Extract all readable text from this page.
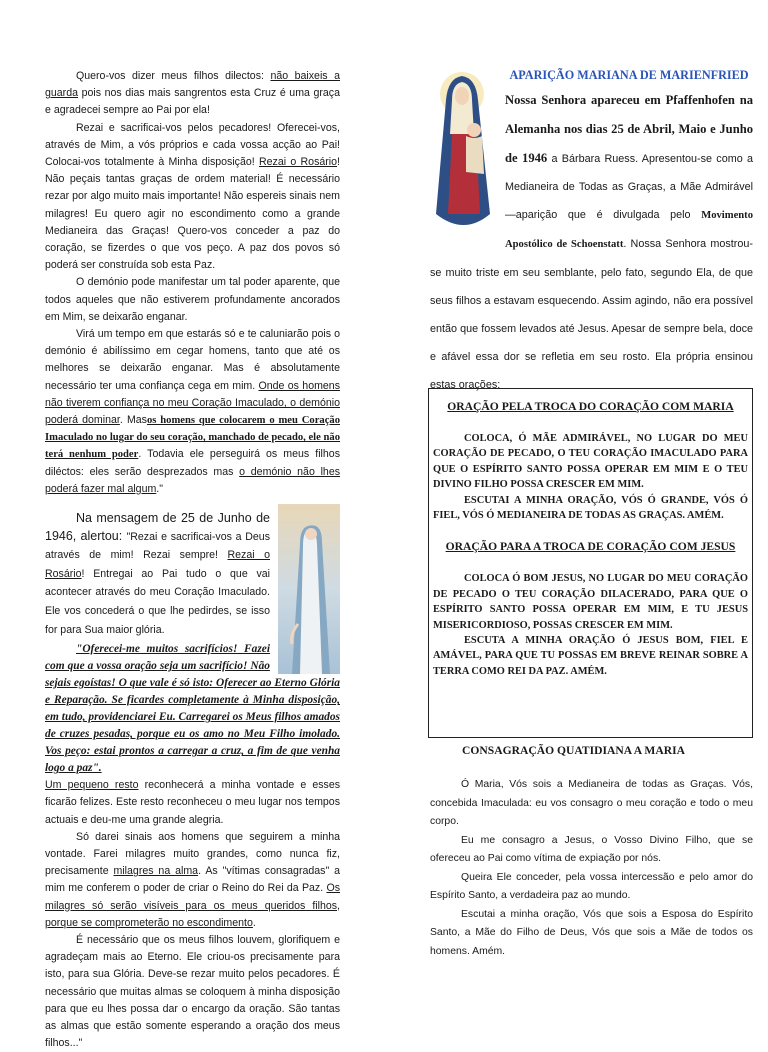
Quero-vos dizer meus filhos dilectos: não baixeis a guarda pois nos dias mais sangrentos esta Cruz é uma graça e agradecei sempre ao Pai por ela!

Rezai e sacrificai-vos pelos pecadores! Oferecei-vos, através de Mim, a vós próprios e cada vossa acção ao Pai! Colocai-vos totalmente à Minha disposição! Rezai o Rosário! Não peçais tantas graças de ordem material! É necessário rezar por algo muito mais importante! Não espereis sinais nem milagres! Eu quero agir no escondimento como a grande Medianeira das Graças! Quero-vos conceder a paz do coração, se fizerdes o que vos peço. A paz dos povos só poderá ser construída sob esta Paz.

O demónio pode manifestar um tal poder aparente, que todos aqueles que não estiverem profundamente ancorados em Mim, se deixarão enganar.

Virá um tempo em que estarás só e te caluniarão pois o demónio é abilíssimo em cegar homens, tanto que até os melhores se deixarão enganar. Mas é absolutamente necessário ter uma confiança cega em mim. Onde os homens não tiverem confiança no meu Coração Imaculado, o demónio poderá dominar. Masos homens que colocarem o meu Coração Imaculado no lugar do seu coração, manchado de pecado, ele não terá nenhum poder. Todavia ele perseguirá os meus filhos diléctos: eles serão desprezados mas o demónio não lhes poderá fazer mal algum."

Na mensagem de 25 de Junho de 1946, alertou: "Rezai e sacrificai-vos a Deus através de mim! Rezai sempre! Rezai o Rosário! Entregai ao Pai tudo o que vai acontecer através do meu Coração Imaculado. Ele vos concederá o que lhe pedirdes, se isso for para Sua maior glória.

"Oferecei-me muitos sacrifícios! Fazei com que a vossa oração seja um sacrifício! Não sejais egoístas! O que vale é só isto: Oferecer ao Eterno Glória e Reparação. Se ficardes completamente à Minha disposição, em tudo, providenciarei Eu. Carregarei os Meus filhos amados de cruzes pesadas, porque eu os amo no Meu Filho imolado. Vos peço: estai prontos a carregar a cruz, a fim de que venha logo a paz".

Um pequeno resto reconhecerá a minha vontade e esses ficarão felizes. Este resto reconheceu o meu lugar nos tempos actuais e deu-me uma grande alegria.

Só darei sinais aos homens que seguirem a minha vontade. Farei milagres muito grandes, como nunca fiz, precisamente milagres na alma. As "vítimas consagradas" a mim me conferem o poder de criar o Reino do Rei da Paz. Os milagres só serão visíveis para os meus queridos filhos, porque se comprometerão no escondimento.

É necessário que os meus filhos louvem, glorifiquem e agradeçam mais ao Eterno. Ele criou-os precisamente para isto, para sua Glória. Deve-se rezar muito pelos pecadores. É necessário que muitas almas se coloquem à minha disposição para que eu lhes possa dar o encargo da oração. São tantas as almas que estão somente esperando a oração dos meus filhos..."

APARIÇÃO MARIANA DE MARIENFRIED
Nossa Senhora apareceu em Pfaffenhofen na Alemanha nos dias 25 de Abril, Maio e Junho de 1946 a Bárbara Ruess. Apresentou-se como a Medianeira de Todas as Graças, a Mãe Admirável—aparição que é divulgada pelo Movimento Apostólico de Schoenstatt. Nossa Senhora mostrou-se muito triste em seu semblante, pelo fato, segundo Ela, de que seus filhos a estavam esquecendo. Assim agindo, não era possível então que fossem levados até Jesus. Apesar de sempre bela, doce e afável essa dor se refletia em seu rosto. Ela própria ensinou estas orações:
ORAÇÃO PELA TROCA DO CORAÇÃO COM MARIA

COLOCA, Ó MÃE ADMIRÁVEL, NO LUGAR DO MEU CORAÇÃO DE PECADO, O TEU CORAÇÃO IMACULADO PARA QUE O ESPÍRITO SANTO POSSA OPERAR EM MIM E O TEU DIVINO FILHO POSSA CRESCER EM MIM.

ESCUTAI A MINHA ORAÇÃO, VÓS Ó GRANDE, VÓS Ó FIEL, VÓS Ó MEDIANEIRA DE TODAS AS GRAÇAS. AMÉM.

ORAÇÃO PARA A TROCA DE CORAÇÃO COM JESUS

COLOCA Ó BOM JESUS, NO LUGAR DO MEU CORAÇÃO DE PECADO O TEU CORAÇÃO DILACERADO, PARA QUE O ESPÍRITO SANTO POSSA OPERAR EM MIM, E TU JESUS MISERICORDIOSO, POSSAS CRESCER EM MIM.

ESCUTA A MINHA ORAÇÃO Ó JESUS BOM, FIEL E AMÁVEL, PARA QUE TU POSSAS EM BREVE REINAR SOBRE A TERRA COMO REI DA PAZ. AMÉM.

CONSAGRAÇÃO QUATIDIANA A MARIA

Ó Maria, Vós sois a Medianeira de todas as Graças. Vós, concebida Imaculada: eu vos consagro o meu coração e todo o meu corpo.

Eu me consagro a Jesus, o Vosso Divino Filho, que se ofereceu ao Pai como vítima de expiação por nós.

Queira Ele conceder, pela vossa intercessão e pelo amor do Espírito Santo, a verdadeira paz ao mundo.

Escutai a minha oração, Vós que sois a Esposa do Espírito Santo, a Mãe do Filho de Deus, Vós que sois a Mãe de todos os homens. Amém.
